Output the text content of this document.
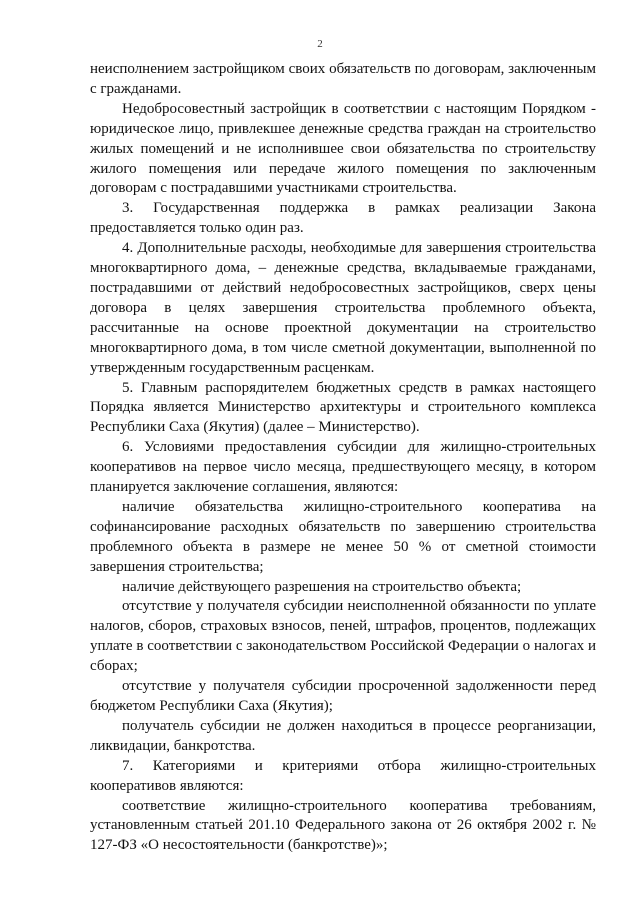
2

неисполнением застройщиком своих обязательств по договорам, заключенным с гражданами.

Недобросовестный застройщик в соответствии с настоящим Порядком - юридическое лицо, привлекшее денежные средства граждан на строительство жилых помещений и не исполнившее свои обязательства по строительству жилого помещения или передаче жилого помещения по заключенным договорам с пострадавшими участниками строительства.

3. Государственная поддержка в рамках реализации Закона предоставляется только один раз.

4. Дополнительные расходы, необходимые для завершения строительства многоквартирного дома, – денежные средства, вкладываемые гражданами, пострадавшими от действий недобросовестных застройщиков, сверх цены договора в целях завершения строительства проблемного объекта, рассчитанные на основе проектной документации на строительство многоквартирного дома, в том числе сметной документации, выполненной по утвержденным государственным расценкам.

5. Главным распорядителем бюджетных средств в рамках настоящего Порядка является Министерство архитектуры и строительного комплекса Республики Саха (Якутия) (далее – Министерство).

6. Условиями предоставления субсидии для жилищно-строительных кооперативов на первое число месяца, предшествующего месяцу, в котором планируется заключение соглашения, являются:

наличие обязательства жилищно-строительного кооператива на софинансирование расходных обязательств по завершению строительства проблемного объекта в размере не менее 50 % от сметной стоимости завершения строительства;

наличие действующего разрешения на строительство объекта;

отсутствие у получателя субсидии неисполненной обязанности по уплате налогов, сборов, страховых взносов, пеней, штрафов, процентов, подлежащих уплате в соответствии с законодательством Российской Федерации о налогах и сборах;

отсутствие у получателя субсидии просроченной задолженности перед бюджетом Республики Саха (Якутия);

получатель субсидии не должен находиться в процессе реорганизации, ликвидации, банкротства.

7. Категориями и критериями отбора жилищно-строительных кооперативов являются:

соответствие жилищно-строительного кооператива требованиям, установленным статьей 201.10 Федерального закона от 26 октября 2002 г. № 127-ФЗ «О несостоятельности (банкротстве)»;
